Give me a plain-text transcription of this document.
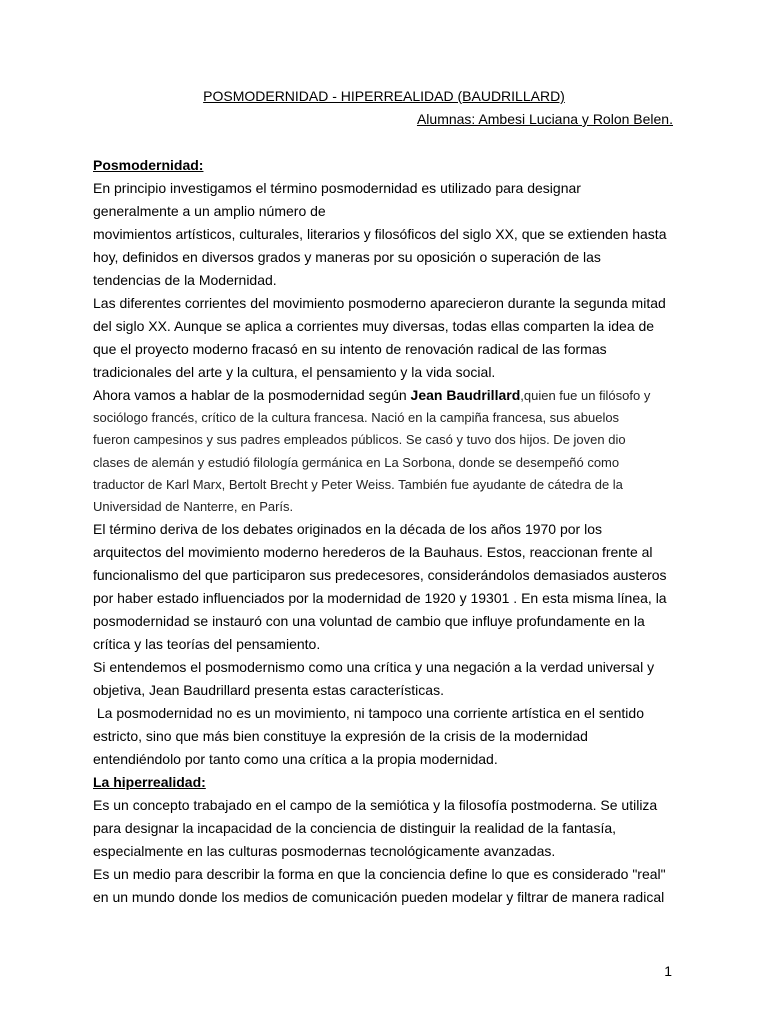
POSMODERNIDAD - HIPERREALIDAD (BAUDRILLARD)
Alumnas: Ambesi Luciana y Rolon Belen.
Posmodernidad:
En principio investigamos el término posmodernidad es utilizado para designar
generalmente a un amplio número de
movimientos artísticos, culturales, literarios y filosóficos del siglo XX, que se extienden hasta
hoy, definidos en diversos grados y maneras por su oposición o superación de las
tendencias de la Modernidad.
Las diferentes corrientes del movimiento posmoderno aparecieron durante la segunda mitad
del siglo XX. Aunque se aplica a corrientes muy diversas, todas ellas comparten la idea de
que el proyecto moderno fracasó en su intento de renovación radical de las formas
tradicionales del arte y la cultura, el pensamiento y la vida social.
Ahora vamos a hablar de la posmodernidad según Jean Baudrillard,quien fue un filósofo y
sociólogo francés, crítico de la cultura francesa. Nació en la campiña francesa, sus abuelos
fueron campesinos y sus padres empleados públicos. Se casó y tuvo dos hijos. De joven dio
clases de alemán y estudió filología germánica en La Sorbona, donde se desempeñó como
traductor de Karl Marx, Bertolt Brecht y Peter Weiss. También fue ayudante de cátedra de la
Universidad de Nanterre, en París.
El término deriva de los debates originados en la década de los años 1970 por los
arquitectos del movimiento moderno herederos de la Bauhaus. Estos, reaccionan frente al
funcionalismo del que participaron sus predecesores, considerándolos demasiados austeros
por haber estado influenciados por la modernidad de 1920 y 19301 . En esta misma línea, la
posmodernidad se instauró con una voluntad de cambio que influye profundamente en la
crítica y las teorías del pensamiento.
Si entendemos el posmodernismo como una crítica y una negación a la verdad universal y
objetiva, Jean Baudrillard presenta estas características.
La posmodernidad no es un movimiento, ni tampoco una corriente artística en el sentido
estricto, sino que más bien constituye la expresión de la crisis de la modernidad
entendiéndolo por tanto como una crítica a la propia modernidad.
La hiperrealidad:
Es un concepto trabajado en el campo de la semiótica y la filosofía postmoderna. Se utiliza
para designar la incapacidad de la conciencia de distinguir la realidad de la fantasía,
especialmente en las culturas posmodernas tecnológicamente avanzadas.
Es un medio para describir la forma en que la conciencia define lo que es considerado "real"
en un mundo donde los medios de comunicación pueden modelar y filtrar de manera radical
1
